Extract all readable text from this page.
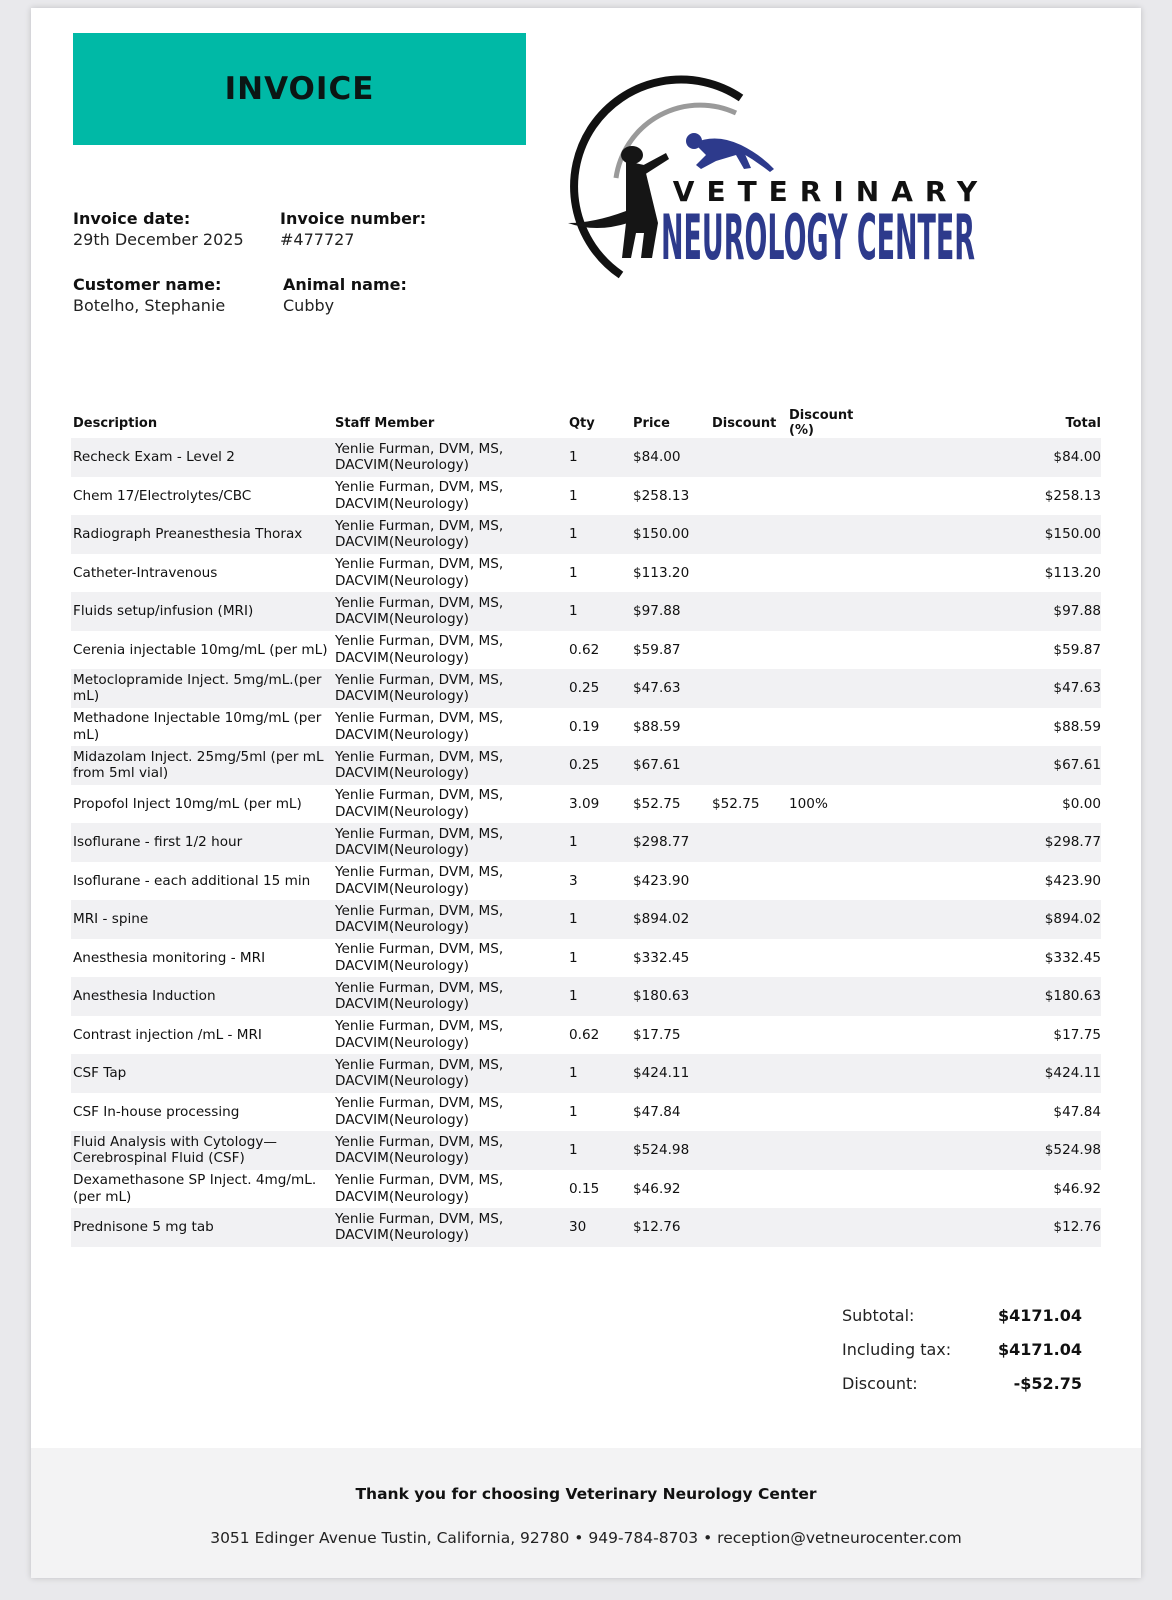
INVOICE
Invoice date:
29th December 2025
Invoice number:
#477727
Customer name:
Botelho, Stephanie
Animal name:
Cubby
VETERINARY
NEUROLOGY CENTER
Description	Staff Member	Qty	Price	Discount	Discount (%)	Total
Recheck Exam - Level 2	Yenlie Furman, DVM, MS, DACVIM(Neurology)	1	$84.00			$84.00
Chem 17/Electrolytes/CBC	Yenlie Furman, DVM, MS, DACVIM(Neurology)	1	$258.13			$258.13
Radiograph Preanesthesia Thorax	Yenlie Furman, DVM, MS, DACVIM(Neurology)	1	$150.00			$150.00
Catheter-Intravenous	Yenlie Furman, DVM, MS, DACVIM(Neurology)	1	$113.20			$113.20
Fluids setup/infusion (MRI)	Yenlie Furman, DVM, MS, DACVIM(Neurology)	1	$97.88			$97.88
Cerenia injectable 10mg/mL (per mL)	Yenlie Furman, DVM, MS, DACVIM(Neurology)	0.62	$59.87			$59.87
Metoclopramide Inject. 5mg/mL.(per mL)	Yenlie Furman, DVM, MS, DACVIM(Neurology)	0.25	$47.63			$47.63
Methadone Injectable 10mg/mL (per mL)	Yenlie Furman, DVM, MS, DACVIM(Neurology)	0.19	$88.59			$88.59
Midazolam Inject. 25mg/5ml (per mL from 5ml vial)	Yenlie Furman, DVM, MS, DACVIM(Neurology)	0.25	$67.61			$67.61
Propofol Inject 10mg/mL (per mL)	Yenlie Furman, DVM, MS, DACVIM(Neurology)	3.09	$52.75	$52.75	100%	$0.00
Isoflurane - first 1/2 hour	Yenlie Furman, DVM, MS, DACVIM(Neurology)	1	$298.77			$298.77
Isoflurane - each additional 15 min	Yenlie Furman, DVM, MS, DACVIM(Neurology)	3	$423.90			$423.90
MRI - spine	Yenlie Furman, DVM, MS, DACVIM(Neurology)	1	$894.02			$894.02
Anesthesia monitoring - MRI	Yenlie Furman, DVM, MS, DACVIM(Neurology)	1	$332.45			$332.45
Anesthesia Induction	Yenlie Furman, DVM, MS, DACVIM(Neurology)	1	$180.63			$180.63
Contrast injection /mL - MRI	Yenlie Furman, DVM, MS, DACVIM(Neurology)	0.62	$17.75			$17.75
CSF Tap	Yenlie Furman, DVM, MS, DACVIM(Neurology)	1	$424.11			$424.11
CSF In-house processing	Yenlie Furman, DVM, MS, DACVIM(Neurology)	1	$47.84			$47.84
Fluid Analysis with Cytology—Cerebrospinal Fluid (CSF)	Yenlie Furman, DVM, MS, DACVIM(Neurology)	1	$524.98			$524.98
Dexamethasone SP Inject. 4mg/mL. (per mL)	Yenlie Furman, DVM, MS, DACVIM(Neurology)	0.15	$46.92			$46.92
Prednisone 5 mg tab	Yenlie Furman, DVM, MS, DACVIM(Neurology)	30	$12.76			$12.76
Subtotal:	$4171.04
Including tax:	$4171.04
Discount:	-$52.75
Thank you for choosing Veterinary Neurology Center
3051 Edinger Avenue Tustin, California, 92780 • 949-784-8703 • reception@vetneurocenter.com
